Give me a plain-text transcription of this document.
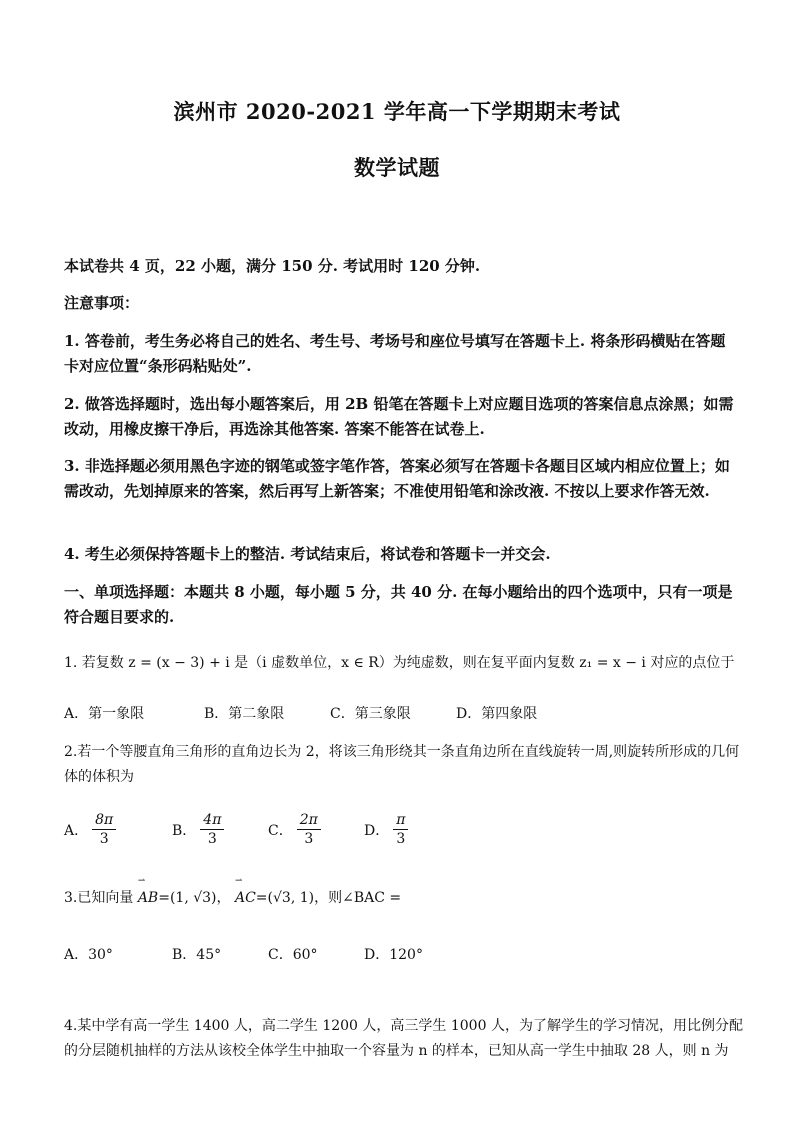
滨州市 2020-2021 学年高一下学期期末考试
数学试题
本试卷共 4 页，22 小题，满分 150 分. 考试用时 120 分钟.
注意事项：
1. 答卷前，考生务必将自己的姓名、考生号、考场号和座位号填写在答题卡上. 将条形码横贴在答题卡对应位置“条形码粘贴处”.
2. 做答选择题时，选出每小题答案后，用 2B 铅笔在答题卡上对应题目选项的答案信息点涂黑；如需改动，用橡皮擦干净后，再选涂其他答案. 答案不能答在试卷上.
3. 非选择题必须用黑色字迹的钢笔或签字笔作答，答案必须写在答题卡各题目区域内相应位置上；如需改动，先划掉原来的答案，然后再写上新答案；不准使用铅笔和涂改液. 不按以上要求作答无效.
4. 考生必须保持答题卡上的整洁. 考试结束后，将试卷和答题卡一并交会.
一、单项选择题：本题共 8 小题，每小题 5 分，共 40 分. 在每小题给出的四个选项中，只有一项是符合题目要求的.
1. 若复数 z = (x − 3) + i 是（i 虚数单位，x ∈ R）为纯虚数，则在复平面内复数 z₁ = x − i 对应的点位于
A．第一象限	B．第二象限	C．第三象限	D．第四象限
2.若一个等腰直角三角形的直角边长为 2，将该三角形绕其一条直角边所在直线旋转一周,则旋转所形成的几何体的体积为
A． $\frac{8\pi}{3}$	B． $\frac{4\pi}{3}$	C． $\frac{2\pi}{3}$	D． $\frac{\pi}{3}$
3.已知向量
⇀
AB=(1, √3)，
⇀
AC=(√3, 1)，则∠BAC =
A．30°	B．45°	C．60°	D．120°
4.某中学有高一学生 1400 人，高二学生 1200 人，高三学生 1000 人，为了解学生的学习情况，用比例分配的分层随机抽样的方法从该校全体学生中抽取一个容量为 n 的样本，已知从高一学生中抽取 28 人，则 n 为
